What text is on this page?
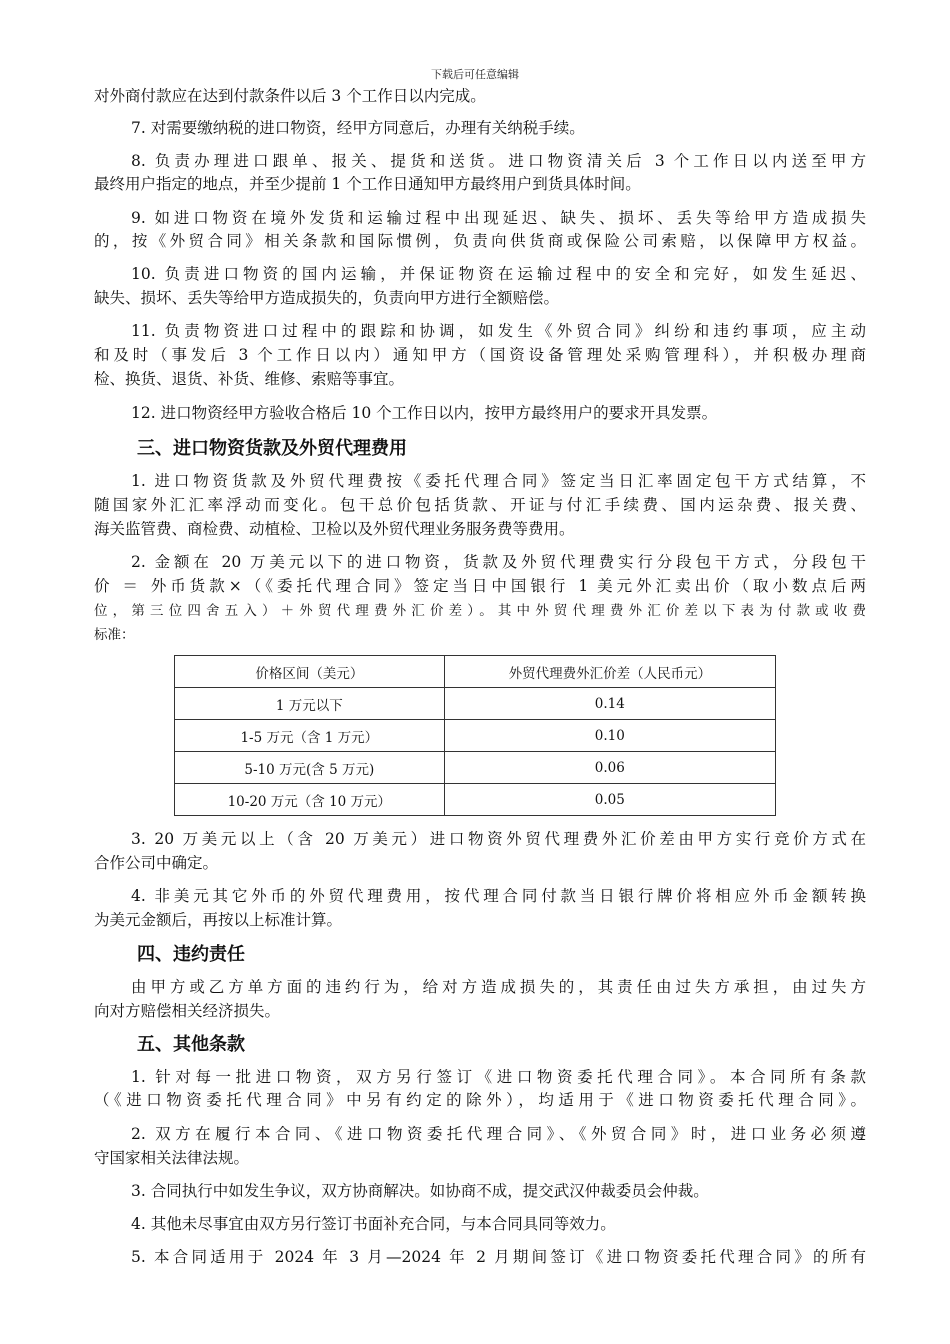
下载后可任意编辑
对外商付款应在达到付款条件以后 3 个工作日以内完成。
7. 对需要缴纳税的进口物资，经甲方同意后，办理有关纳税手续。
8. 负责办理进口跟单、报关、提货和送货。进口物资清关后 3 个工作日以内送至甲方
最终用户指定的地点，并至少提前 1 个工作日通知甲方最终用户到货具体时间。
9. 如进口物资在境外发货和运输过程中出现延迟、缺失、损坏、丢失等给甲方造成损失
的，按《外贸合同》相关条款和国际惯例，负责向供货商或保险公司索赔，以保障甲方权益。
10. 负责进口物资的国内运输，并保证物资在运输过程中的安全和完好，如发生延迟、
缺失、损坏、丢失等给甲方造成损失的，负责向甲方进行全额赔偿。
11. 负责物资进口过程中的跟踪和协调，如发生《外贸合同》纠纷和违约事项，应主动
和及时（事发后 3 个工作日以内）通知甲方（国资设备管理处采购管理科），并积极办理商
检、换货、退货、补货、维修、索赔等事宜。
12. 进口物资经甲方验收合格后 10 个工作日以内，按甲方最终用户的要求开具发票。
三、进口物资货款及外贸代理费用
1. 进口物资货款及外贸代理费按《委托代理合同》签定当日汇率固定包干方式结算，不
随国家外汇汇率浮动而变化。包干总价包括货款、开证与付汇手续费、国内运杂费、报关费、
海关监管费、商检费、动植检、卫检以及外贸代理业务服务费等费用。
2. 金额在 20 万美元以下的进口物资，货款及外贸代理费实行分段包干方式，分段包干
价 ＝ 外币货款×（《委托代理合同》签定当日中国银行 1 美元外汇卖出价（取小数点后两
位，第三位四舍五入）＋外贸代理费外汇价差）。其中外贸代理费外汇价差以下表为付款或收费
标准：
价格区间（美元）	外贸代理费外汇价差（人民币元）
1 万元以下	0.14
1-5 万元（含 1 万元）	0.10
5-10 万元(含 5 万元)	0.06
10-20 万元（含 10 万元）	0.05
3. 20 万美元以上（含 20 万美元）进口物资外贸代理费外汇价差由甲方实行竞价方式在
合作公司中确定。
4. 非美元其它外币的外贸代理费用，按代理合同付款当日银行牌价将相应外币金额转换
为美元金额后，再按以上标准计算。
四、违约责任
由甲方或乙方单方面的违约行为，给对方造成损失的，其责任由过失方承担，由过失方
向对方赔偿相关经济损失。
五、其他条款
1. 针对每一批进口物资，双方另行签订《进口物资委托代理合同》。本合同所有条款
（《进口物资委托代理合同》中另有约定的除外），均适用于《进口物资委托代理合同》。
2. 双方在履行本合同、《进口物资委托代理合同》、《外贸合同》时，进口业务必须遵
守国家相关法律法规。
3. 合同执行中如发生争议，双方协商解决。如协商不成，提交武汉仲裁委员会仲裁。
4. 其他未尽事宜由双方另行签订书面补充合同，与本合同具同等效力。
5. 本合同适用于 2024 年 3 月—2024 年 2 月期间签订《进口物资委托代理合同》的所有
